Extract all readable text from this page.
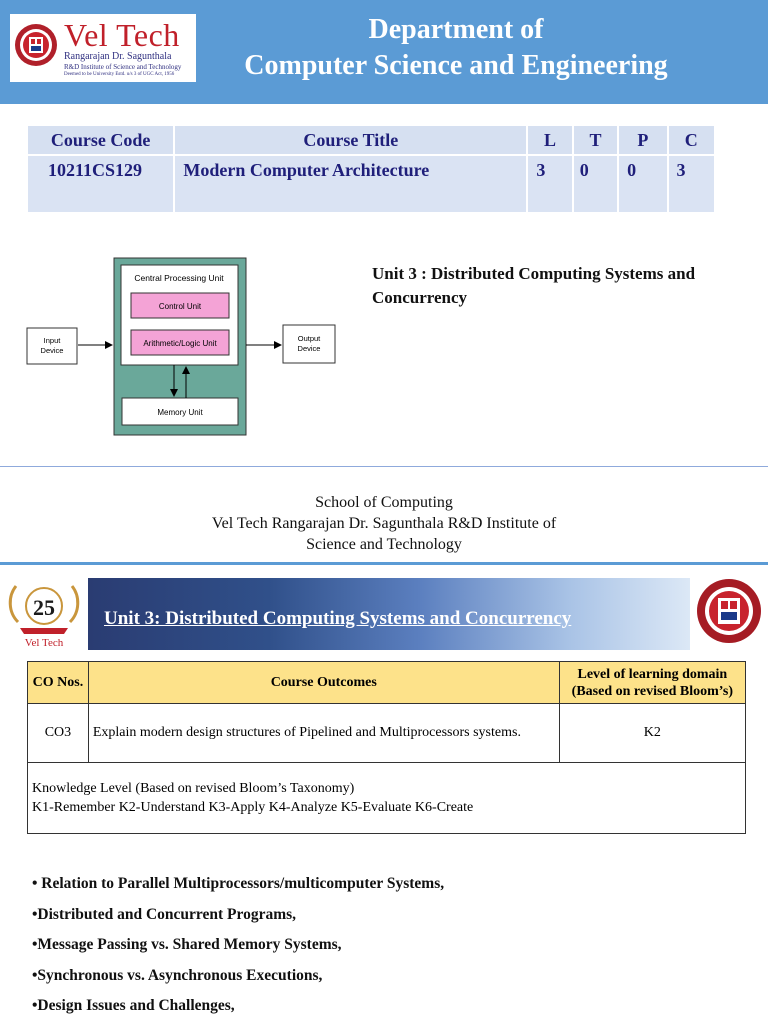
Vel Tech
Rangarajan Dr. Sagunthala
R&D Institute of Science and Technology
Deemed to be University Estd. u/s 3 of UGC Act, 1956
Department of
Computer Science and Engineering
Course Code	Course Title	L	T	P	C
10211CS129	Modern Computer Architecture	3	0	0	3
Central Processing Unit
Control Unit
Arithmetic/Logic Unit
Memory Unit
Input
Device
Output
Device
Unit 3 : Distributed Computing Systems and Concurrency
School of Computing
Vel Tech Rangarajan Dr. Sagunthala R&D Institute of
Science and Technology
25
Vel Tech
Unit 3: Distributed Computing Systems and Concurrency
CO Nos.	Course Outcomes	Level of learning domain
(Based on revised Bloom’s)

CO3	Explain modern design structures of Pipelined and Multiprocessors systems.	K2

Knowledge Level (Based on revised Bloom’s Taxonomy)
K1-Remember K2-Understand K3-Apply K4-Analyze K5-Evaluate K6-Create		
• Relation to Parallel Multiprocessors/multicomputer Systems,
•Distributed and Concurrent Programs,
•Message Passing vs. Shared Memory Systems,
•Synchronous vs. Asynchronous Executions,
•Design Issues and Challenges,
